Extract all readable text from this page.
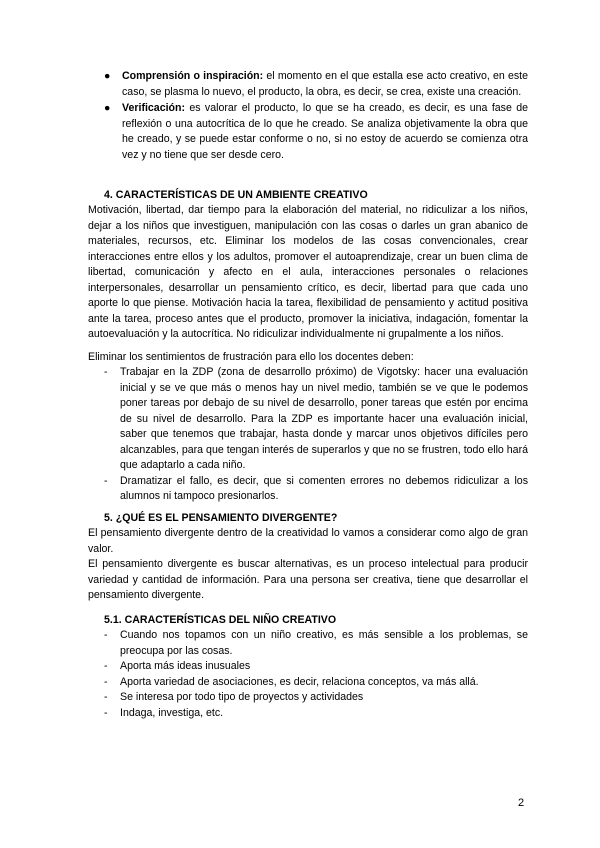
● Comprensión o inspiración: el momento en el que estalla ese acto creativo, en este caso, se plasma lo nuevo, el producto, la obra, es decir, se crea, existe una creación.
● Verificación: es valorar el producto, lo que se ha creado, es decir, es una fase de reflexión o una autocrítica de lo que he creado. Se analiza objetivamente la obra que he creado, y se puede estar conforme o no, si no estoy de acuerdo se comienza otra vez y no tiene que ser desde cero.
4. CARACTERÍSTICAS DE UN AMBIENTE CREATIVO

Motivación, libertad, dar tiempo para la elaboración del material, no ridiculizar a los niños, dejar a los niños que investiguen, manipulación con las cosas o darles un gran abanico de materiales, recursos, etc. Eliminar los modelos de las cosas convencionales, crear interacciones entre ellos y los adultos, promover el autoaprendizaje, crear un buen clima de libertad, comunicación y afecto en el aula, interacciones personales o relaciones interpersonales, desarrollar un pensamiento crítico, es decir, libertad para que cada uno aporte lo que piense. Motivación hacia la tarea, flexibilidad de pensamiento y actitud positiva ante la tarea, proceso antes que el producto, promover la iniciativa, indagación, fomentar la autoevaluación y la autocrítica. No ridiculizar individualmente ni grupalmente a los niños.

Eliminar los sentimientos de frustración para ello los docentes deben:

- Trabajar en la ZDP (zona de desarrollo próximo) de Vigotsky: hacer una evaluación inicial y se ve que más o menos hay un nivel medio, también se ve que le podemos poner tareas por debajo de su nivel de desarrollo, poner tareas que estén por encima de su nivel de desarrollo. Para la ZDP es importante hacer una evaluación inicial, saber que tenemos que trabajar, hasta donde y marcar unos objetivos difíciles pero alcanzables, para que tengan interés de superarlos y que no se frustren, todo ello hará que adaptarlo a cada niño.
- Dramatizar el fallo, es decir, que si comenten errores no debemos ridiculizar a los alumnos ni tampoco presionarlos.
5. ¿QUÉ ES EL PENSAMIENTO DIVERGENTE?

El pensamiento divergente dentro de la creatividad lo vamos a considerar como algo de gran valor.

El pensamiento divergente es buscar alternativas, es un proceso intelectual para producir variedad y cantidad de información. Para una persona ser creativa, tiene que desarrollar el pensamiento divergente.

5.1. CARACTERÍSTICAS DEL NIÑO CREATIVO
- Cuando nos topamos con un niño creativo, es más sensible a los problemas, se preocupa por las cosas.
- Aporta más ideas inusuales
- Aporta variedad de asociaciones, es decir, relaciona conceptos, va más allá.
- Se interesa por todo tipo de proyectos y actividades
- Indaga, investiga, etc.
2
